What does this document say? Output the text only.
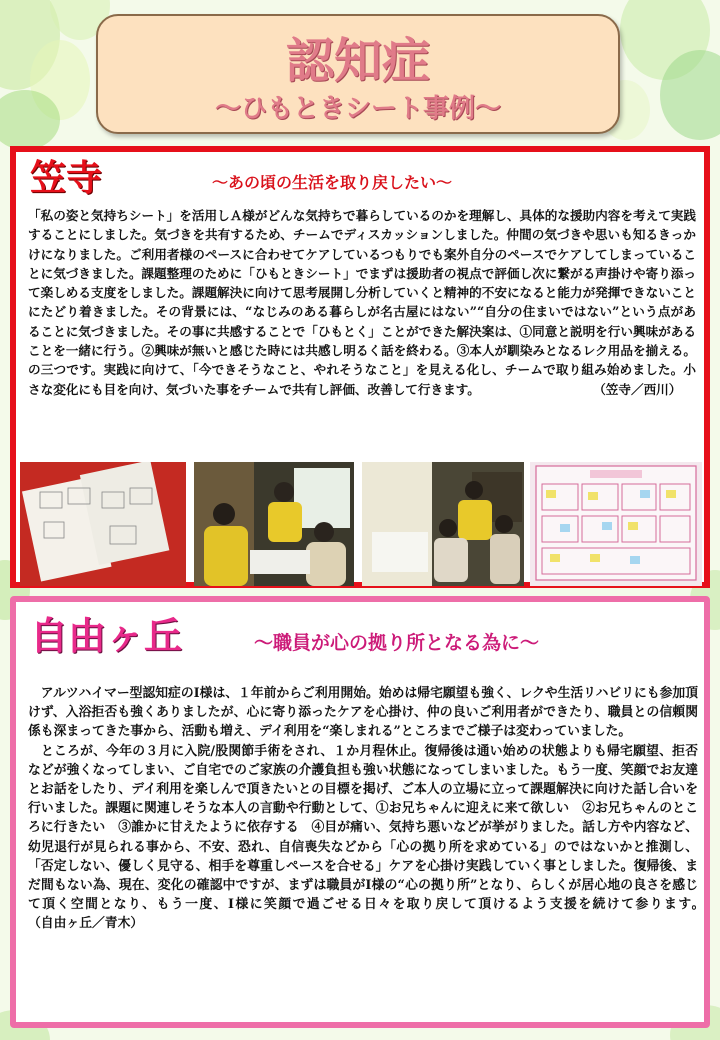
認知症
～ひもときシート事例～
笠寺	～あの頃の生活を取り戻したい～
「私の姿と気持ちシート」を活用しＡ様がどんな気持ちで暮らしているのかを理解し、具体的な援助内容を考えて実践することにしました。気づきを共有するため、チームでディスカッションしました。仲間の気づきや思いも知るきっかけになりました。ご利用者様のペースに合わせてケアしているつもりでも案外自分のペースでケアしてしまっていることに気づきました。課題整理のために「ひもときシート」でまずは援助者の視点で評価し次に繋がる声掛けや寄り添って楽しめる支度をしました。課題解決に向けて思考展開し分析していくと精神的不安になると能力が発揮できないことにたどり着きました。その背景には、“なじみのある暮らしが名古屋にはない”“自分の住まいではない”という点があることに気づきました。その事に共感することで「ひもとく」ことができた解決案は、①同意と説明を行い興味があることを一緒に行う。②興味が無いと感じた時には共感し明るく話を終わる。③本人が馴染みとなるレク用品を揃える。の三つです。実践に向けて、「今できそうなこと、やれそうなこと」を見える化し、チームで取り組み始めました。小さな変化にも目を向け、気づいた事をチームで共有し評価、改善して行きます。　　　　　　　　　　	（笠寺／西川）
自由ヶ丘	～職員が心の拠り所となる為に～
　アルツハイマー型認知症のI様は、１年前からご利用開始。始めは帰宅願望も強く、レクや生活リハビリにも参加頂けず、入浴拒否も強くありましたが、心に寄り添ったケアを心掛け、仲の良いご利用者ができたり、職員との信頼関係も深まってきた事から、活動も増え、デイ利用を“楽しまれる”ところまでご様子は変わっていました。
　ところが、今年の３月に入院/股関節手術をされ、１か月程休止。復帰後は通い始めの状態よりも帰宅願望、拒否などが強くなってしまい、ご自宅でのご家族の介護負担も強い状態になってしまいました。もう一度、笑顔でお友達とお話をしたり、デイ利用を楽しんで頂きたいとの目標を掲げ、ご本人の立場に立って課題解決に向けた話し合いを行いました。課題に関連しそうな本人の言動や行動として、①お兄ちゃんに迎えに来て欲しい　②お兄ちゃんのところに行きたい　③誰かに甘えたように依存する　④目が痛い、気持ち悪いなどが挙がりました。話し方や内容など、幼児退行が見られる事から、不安、恐れ、自信喪失などから「心の拠り所を求めている」のではないかと推測し、「否定しない、優しく見守る、相手を尊重しペースを合せる」ケアを心掛け実践していく事としました。復帰後、まだ間もない為、現在、変化の確認中ですが、まずは職員がI様の“心の拠り所”となり、らしくが居心地の良さを感じて頂く空間となり、もう一度、I様に笑顔で過ごせる日々を取り戻して頂けるよう支援を続けて参ります。　　　　　　　　　　　（自由ヶ丘／青木）
